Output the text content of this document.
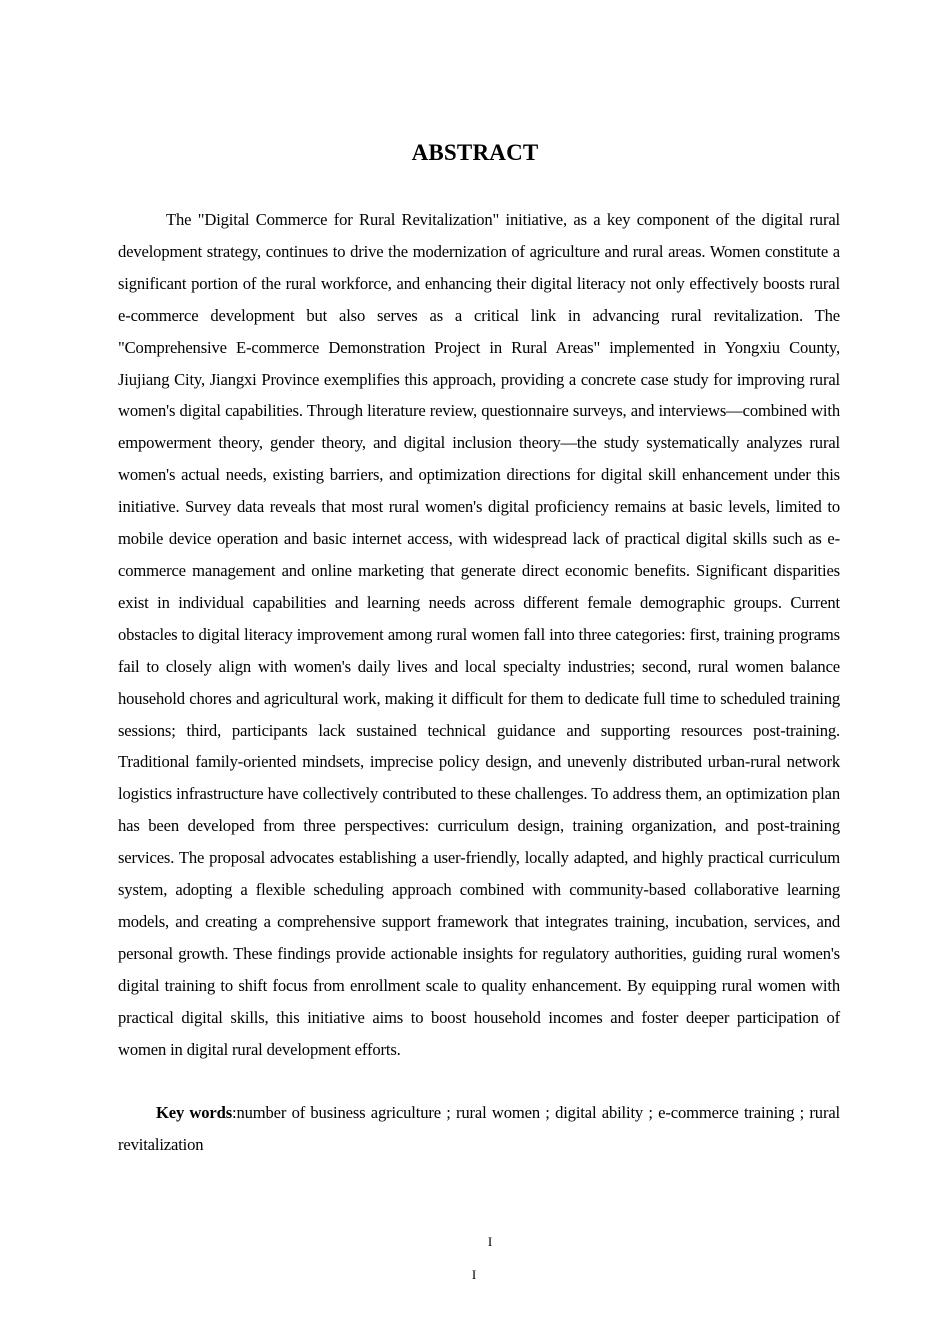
ABSTRACT

The "Digital Commerce for Rural Revitalization" initiative, as a key component of the digital rural development strategy, continues to drive the modernization of agriculture and rural areas. Women constitute a significant portion of the rural workforce, and enhancing their digital literacy not only effectively boosts rural e-commerce development but also serves as a critical link in advancing rural revitalization. The "Comprehensive E-commerce Demonstration Project in Rural Areas" implemented in Yongxiu County, Jiujiang City, Jiangxi Province exemplifies this approach, providing a concrete case study for improving rural women's digital capabilities. Through literature review, questionnaire surveys, and interviews—combined with empowerment theory, gender theory, and digital inclusion theory—the study systematically analyzes rural women's actual needs, existing barriers, and optimization directions for digital skill enhancement under this initiative. Survey data reveals that most rural women's digital proficiency remains at basic levels, limited to mobile device operation and basic internet access, with widespread lack of practical digital skills such as e-commerce management and online marketing that generate direct economic benefits. Significant disparities exist in individual capabilities and learning needs across different female demographic groups. Current obstacles to digital literacy improvement among rural women fall into three categories: first, training programs fail to closely align with women's daily lives and local specialty industries; second, rural women balance household chores and agricultural work, making it difficult for them to dedicate full time to scheduled training sessions; third, participants lack sustained technical guidance and supporting resources post-training. Traditional family-oriented mindsets, imprecise policy design, and unevenly distributed urban-rural network logistics infrastructure have collectively contributed to these challenges. To address them, an optimization plan has been developed from three perspectives: curriculum design, training organization, and post-training services. The proposal advocates establishing a user-friendly, locally adapted, and highly practical curriculum system, adopting a flexible scheduling approach combined with community-based collaborative learning models, and creating a comprehensive support framework that integrates training, incubation, services, and personal growth. These findings provide actionable insights for regulatory authorities, guiding rural women's digital training to shift focus from enrollment scale to quality enhancement. By equipping rural women with practical digital skills, this initiative aims to boost household incomes and foster deeper participation of women in digital rural development efforts.

Key words:number of business agriculture ; rural women ; digital ability ; e-commerce training ; rural revitalization

I
I
